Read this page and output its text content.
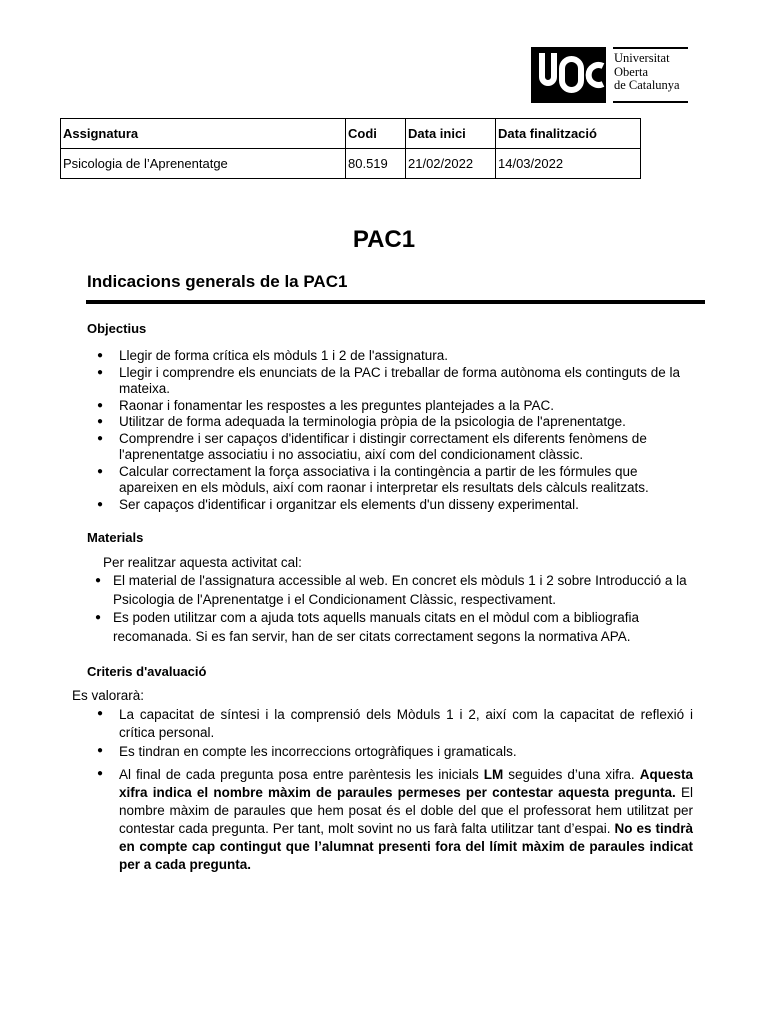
Universitat
Oberta
de Catalunya
Assignatura	Codi	Data inici	Data finalització
Psicologia de l’Aprenentatge	80.519	21/02/2022	14/03/2022
PAC1
Indicacions generals de la PAC1
Objectius
● Llegir de forma crítica els mòduls 1 i 2 de l'assignatura.
● Llegir i comprendre els enunciats de la PAC i treballar de forma autònoma els continguts de la mateixa.
● Raonar i fonamentar les respostes a les preguntes plantejades a la PAC.
● Utilitzar de forma adequada la terminologia pròpia de la psicologia de l'aprenentatge.
● Comprendre i ser capaços d'identificar i distingir correctament els diferents fenòmens de l'aprenentatge associatiu i no associatiu, així com del condicionament clàssic.
● Calcular correctament la força associativa i la contingència a partir de les fórmules que apareixen en els mòduls, així com raonar i interpretar els resultats dels càlculs realitzats.
● Ser capaços d'identificar i organitzar els elements d'un disseny experimental.
Materials
Per realitzar aquesta activitat cal:
● El material de l'assignatura accessible al web. En concret els mòduls 1 i 2 sobre Introducció a la Psicologia de l'Aprenentatge i el Condicionament Clàssic, respectivament.
● Es poden utilitzar com a ajuda tots aquells manuals citats en el mòdul com a bibliografia recomanada. Si es fan servir, han de ser citats correctament segons la normativa APA.
Criteris d'avaluació
Es valorarà:
● La capacitat de síntesi i la comprensió dels Mòduls 1 i 2, així com la capacitat de reflexió i crítica personal.
● Es tindran en compte les incorreccions ortogràfiques i gramaticals.
● Al final de cada pregunta posa entre parèntesis les inicials LM seguides d’una xifra. Aquesta xifra indica el nombre màxim de paraules permeses per contestar aquesta pregunta. El nombre màxim de paraules que hem posat és el doble del que el professorat hem utilitzat per contestar cada pregunta. Per tant, molt sovint no us farà falta utilitzar tant d’espai. No es tindrà en compte cap contingut que l’alumnat presenti fora del límit màxim de paraules indicat per a cada pregunta.
